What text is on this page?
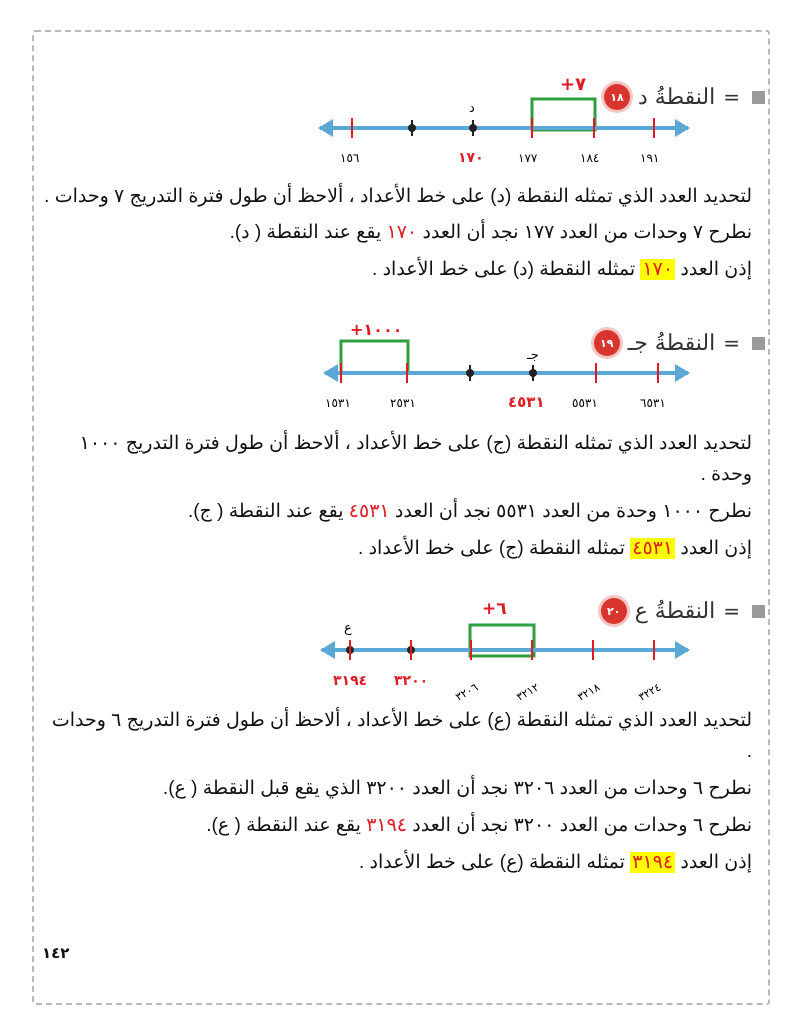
١٨ النقطةُ د =
+٧
د
١٥٦	١٧٠	١٧٧	١٨٤	١٩١
لتحديد العدد الذي تمثله النقطة (د) على خط الأعداد ، ألاحظ أن طول فترة التدريج ٧ وحدات .
نطرح ٧ وحدات من العدد ١٧٧ نجد أن العدد ١٧٠ يقع عند النقطة ( د).
إذن العدد ١٧٠ تمثله النقطة (د) على خط الأعداد .
١٩ النقطةُ جـ =
+١٠٠٠
جـ
١٥٣١	٢٥٣١	٤٥٣١ ٥٥٣١	٦٥٣١
لتحديد العدد الذي تمثله النقطة (ج) على خط الأعداد ، ألاحظ أن طول فترة التدريج ١٠٠٠ وحدة .
نطرح ١٠٠٠ وحدة من العدد ٥٥٣١ نجد أن العدد ٤٥٣١ يقع عند النقطة ( ج).
إذن العدد ٤٥٣١ تمثله النقطة (ج) على خط الأعداد .
٢٠ النقطةُ ع =
+٦
ع
٣١٩٤ ٣٢٠٠ ٣٢٠٦	٣٢١٢	٣٢١٨	٣٢٢٤
لتحديد العدد الذي تمثله النقطة (ع) على خط الأعداد ، ألاحظ أن طول فترة التدريج ٦ وحدات .
نطرح ٦ وحدات من العدد ٣٢٠٦ نجد أن العدد ٣٢٠٠ الذي يقع قبل النقطة ( ع).
نطرح ٦ وحدات من العدد ٣٢٠٠ نجد أن العدد ٣١٩٤ يقع عند النقطة ( ع).
إذن العدد ٣١٩٤ تمثله النقطة (ع) على خط الأعداد .
١٤٢
